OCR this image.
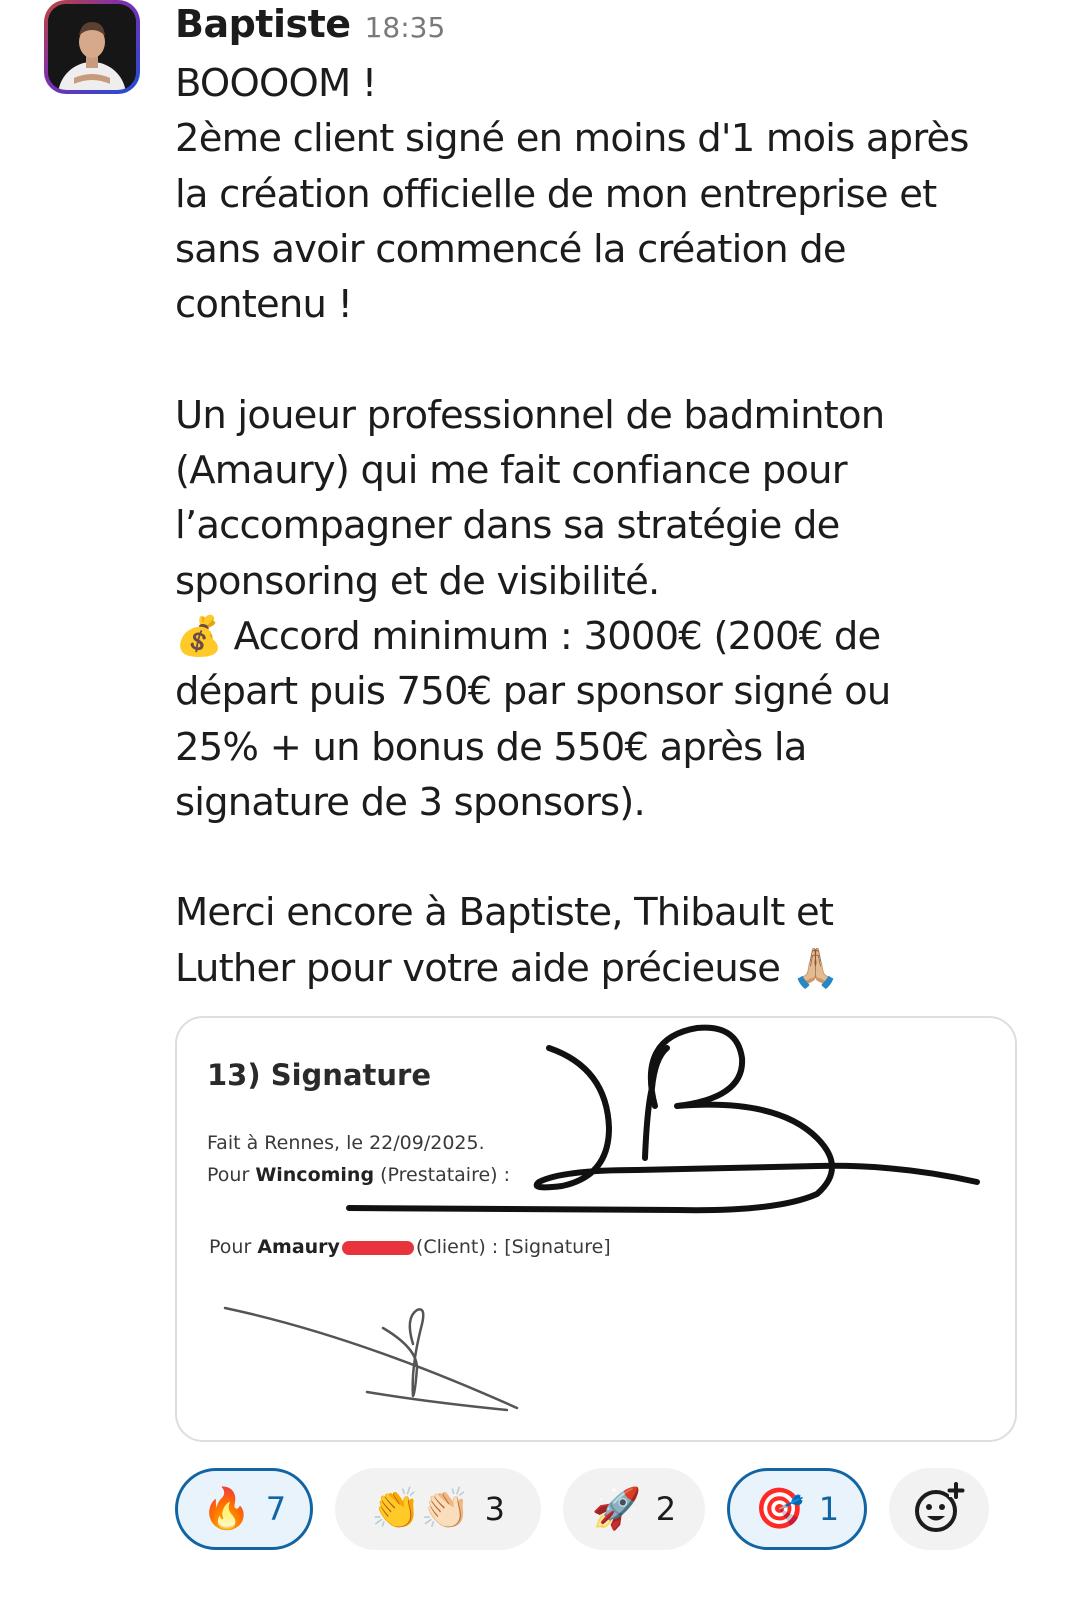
Baptiste 18:35
BOOOOM !
2ème client signé en moins d'1 mois après
la création officielle de mon entreprise et
sans avoir commencé la création de
contenu !
Un joueur professionnel de badminton
(Amaury) qui me fait confiance pour
l’accompagner dans sa stratégie de
sponsoring et de visibilité.
💰 Accord minimum : 3000€ (200€ de
départ puis 750€ par sponsor signé ou
25% + un bonus de 550€ après la
signature de 3 sponsors).
Merci encore à Baptiste, Thibault et
Luther pour votre aide précieuse 🙏🏼
13) Signature
Fait à Rennes, le 22/09/2025.
Pour Wincoming (Prestataire) :
Pour Amaury	(Client) : [Signature]
🔥 7 👏👏🏻 3 🚀 2 🎯 1
